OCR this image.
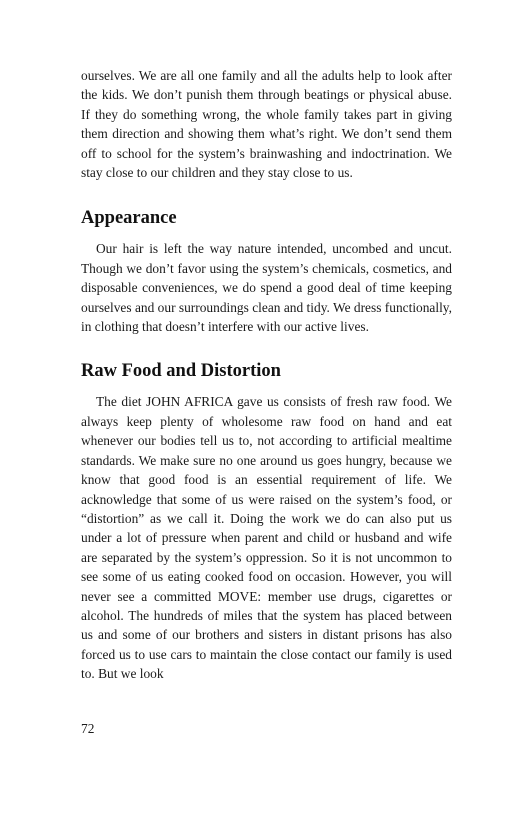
ourselves. We are all one family and all the adults help to look after the kids. We don’t punish them through beatings or physical abuse. If they do something wrong, the whole family takes part in giving them direction and showing them what’s right. We don’t send them off to school for the system’s brainwashing and indoctrination. We stay close to our children and they stay close to us.

Appearance

Our hair is left the way nature intended, uncombed and uncut. Though we don’t favor using the system’s chemicals, cosmetics, and disposable conveniences, we do spend a good deal of time keeping ourselves and our surroundings clean and tidy. We dress functionally, in clothing that doesn’t interfere with our active lives.

Raw Food and Distortion

The diet JOHN AFRICA gave us consists of fresh raw food. We always keep plenty of wholesome raw food on hand and eat whenever our bodies tell us to, not according to artificial mealtime standards. We make sure no one around us goes hungry, because we know that good food is an essential requirement of life. We acknowledge that some of us were raised on the system’s food, or “distortion” as we call it. Doing the work we do can also put us under a lot of pressure when parent and child or husband and wife are separated by the system’s oppression. So it is not uncommon to see some of us eating cooked food on occasion. However, you will never see a committed MOVE: member use drugs, cigarettes or alcohol. The hundreds of miles that the system has placed between us and some of our brothers and sisters in distant prisons has also forced us to use cars to maintain the close contact our family is used to. But we look

72
